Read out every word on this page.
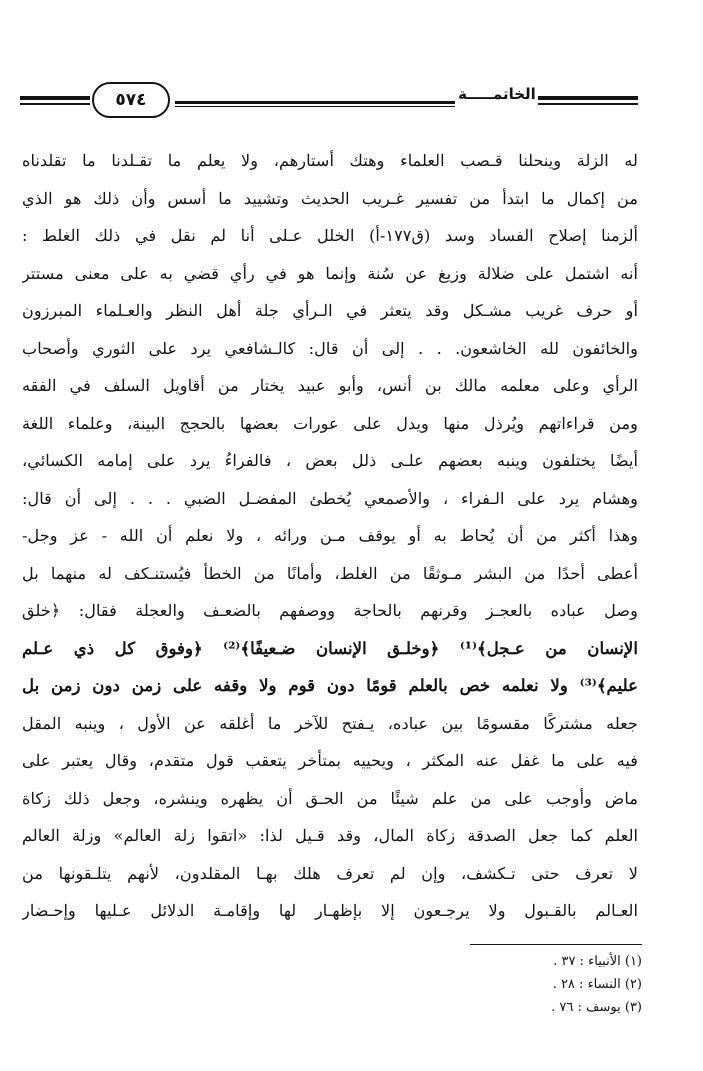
الخاتمـــــة
٥٧٤
له الزلة وينحلنا قـصب العلماء وهتك أستارهم، ولا يعلم ما تقـلدنا ما تقلدناه
من إكمال ما ابتدأ من تفسير غـريب الحديث وتشييد ما أسس وأن ذلك هو الذي
ألزمنا إصلاح الفساد وسد (ق١٧٧-أ) الخلل عـلى أنا لم نقل في ذلك الغلط :
أنه اشتمل على ضلالة وزيغ عن سُنة وإنما هو في رأي قضي به على معنى مستتر
أو حرف غريب مشـكل وقد يتعثر في الـرأي جلة أهل النظر والعـلماء المبرزون
والخائفون لله الخاشعون. . . إلى أن قال: كالـشافعي يرد على الثوري وأصحاب
الرأي وعلى معلمه مالك بن أنس، وأبو عبيد يختار من أقاويل السلف في الفقه
ومن قراءاتهم ويُرذل منها ويدل على عورات بعضها بالحجج البينة، وعلماء اللغة
أيضًا يختلفون وينبه بعضهم علـى ذلل بعض ، فالفراءُ يرد على إمامه الكسائي،
وهشام يرد على الـفراء ، والأصمعي يُخطئ المفضـل الضبي . . . إلى أن قال:
وهذا أكثر من أن يُحاط به أو يوقف مـن ورائه ، ولا نعلم أن الله - عز وجل-
أعطى أحدًا من البشر مـوثقًا من الغلط، وأمانًا من الخطأ فيُستنـكف له منهما بل
وصل عباده بالعجـز وقرنهم بالحاجة ووصفهم بالضعـف والعجلة فقال: ﴿خلق
الإنسان من عـجل﴾⁽¹⁾ ﴿وخلـق الإنسان ضـعيفًا﴾⁽²⁾ ﴿وفوق كل ذي عـلم
عليم﴾⁽³⁾ ولا نعلمه خص بالعلم قومًا دون قوم ولا وقفه على زمن دون زمن بل
جعله مشتركًا مقسومًا بين عباده، يـفتح للآخر ما أغلقه عن الأول ، وينبه المقل
فيه على ما غفل عنه المكثر ، ويحييه بمتأخر يتعقب قول متقدم، وقال يعتبر على
ماض وأوجب على من علم شيئًا من الحـق أن يظهره وينشره، وجعل ذلك زكاة
العلم كما جعل الصدقة زكاة المال، وقد قـيل لذا: «اتقوا زلة العالم» وزلة العالم
لا تعرف حتى تـكشف، وإن لم تعرف هلك بهـا المقلدون، لأنهم يتلـقونها من
العـالم بالقـبول ولا يرجـعون إلا بإظهـار لها وإقامـة الدلائل عـليها وإحـضار
(١) الأنبياء : ٣٧ .
(٢) النساء : ٢٨ .
(٣) يوسف : ٧٦ .
